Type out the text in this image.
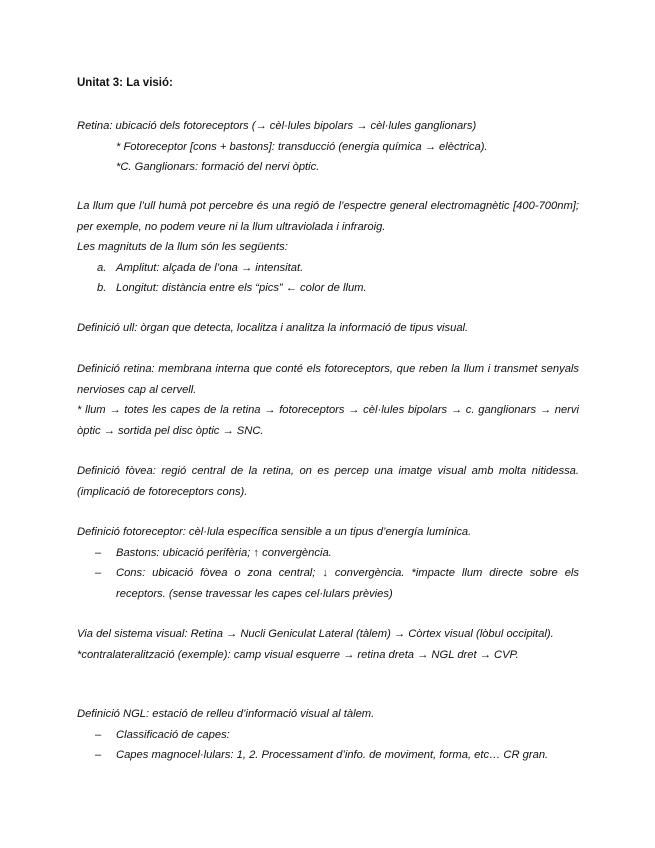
Unitat 3: La visió:

Retina: ubicació dels fotoreceptors (→ cèl·lules bipolars → cèl·lules ganglionars)

* Fotoreceptor [cons + bastons]: transducció (energia química → elèctrica).

*C. Ganglionars: formació del nervi òptic.

La llum que l’ull humà pot percebre és una regió de l’espectre general electromagnètic [400-700nm]; per exemple, no podem veure ni la llum ultraviolada i infraroig.

Les magnituts de la llum són les següents:

a. Amplitut: alçada de l’ona → intensitat.

b. Longitut: distància entre els “pics” ← color de llum.

Definició ull: òrgan que detecta, localitza i analitza la informació de tipus visual.

Definició retina: membrana interna que conté els fotoreceptors, que reben la llum i transmet senyals nervioses cap al cervell.

* llum → totes les capes de la retina → fotoreceptors → cèl·lules bipolars → c. ganglionars → nervi òptic → sortida pel disc òptic → SNC.

Definició fòvea: regió central de la retina, on es percep una imatge visual amb molta nitidessa. (implicació de fotoreceptors cons).

Definició fotoreceptor: cèl·lula específica sensible a un tipus d’energía lumínica.

– Bastons: ubicació perifèria; ↑ convergència.

– Cons: ubicació fòvea o zona central; ↓ convergència. *impacte llum directe sobre els receptors. (sense travessar les capes cel·lulars prèvies)

Via del sistema visual: Retina → Nucli Geniculat Lateral (tàlem) → Còrtex visual (lòbul occipital).

*contralateralització (exemple): camp visual esquerre → retina dreta → NGL dret → CVP.

Definició NGL: estació de relleu d’informació visual al tàlem.

– Classificació de capes:

– Capes magnocel·lulars: 1, 2. Processament d’info. de moviment, forma, etc… CR gran.
